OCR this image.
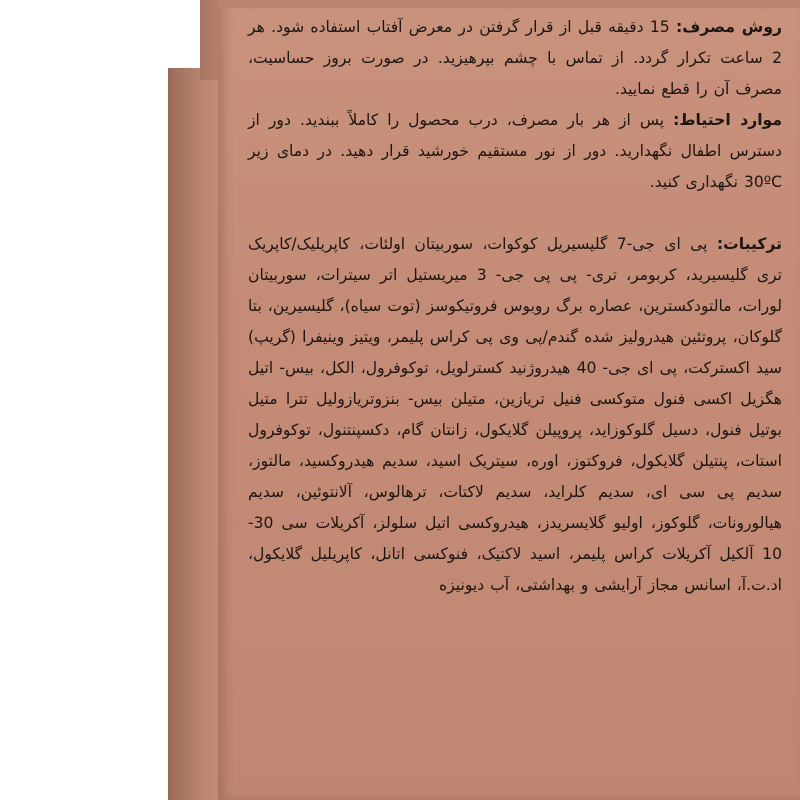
روش مصرف: 15 دقیقه قبل از قرار گرفتن در معرض آفتاب استفاده شود. هر 2 ساعت تکرار گردد. از تماس با چشم بپرهیزید. در صورت بروز حساسیت، مصرف آن را قطع نمایید.

موارد احتیاط: پس از هر بار مصرف، درب محصول را کاملاً ببندید. دور از دسترس اطفال نگهدارید. دور از نور مستقیم خورشید قرار دهید. در دمای زیر 30ºC نگهداری کنید.

ترکیبات: پی ای جی-7 گلیسیریل کوکوات، سوربیتان اولئات، کاپریلیک/کاپریک تری گلیسیرید، کربومر، تری- پی پی جی- 3 میریستیل اتر سیترات، سوربیتان لورات، مالتودکسترین، عصاره برگ روبوس فروتیکوسز (توت سیاه)، گلیسیرین، بتا گلوکان، پروتئین هیدرولیز شده گندم/پی وی پی کراس پلیمر، ویتیز وینیفرا (گریپ) سید اکسترکت، پی ای جی- 40 هیدروژنید کسترلویل، توکوفرول، الکل، بیس- اتیل هگزیل اکسی فنول متوکسی فنیل تریازین، متیلن بیس- بنزوتریازولیل تترا متیل بوتیل فنول، دسیل گلوکوزاید، پروپیلن گلایکول، زانتان گام، دکسپنتنول، توکوفرول استات، پنتیلن گلایکول، فروکتوز، اوره، سیتریک اسید، سدیم هیدروکسید، مالتوز، سدیم پی سی ای، سدیم کلراید، سدیم لاکتات، ترهالوس، آلانتوئین، سدیم هیالورونات، گلوکوز، اولیو گلایسریدز، هیدروکسی اتیل سلولز، آکریلات سی 30-10 آلکیل آکریلات کراس پلیمر، اسید لاکتیک، فنوکسی اتانل، کاپریلیل گلایکول، اد.ت.آ، اسانس مجاز آرایشی و بهداشتی، آب دیونیزه
